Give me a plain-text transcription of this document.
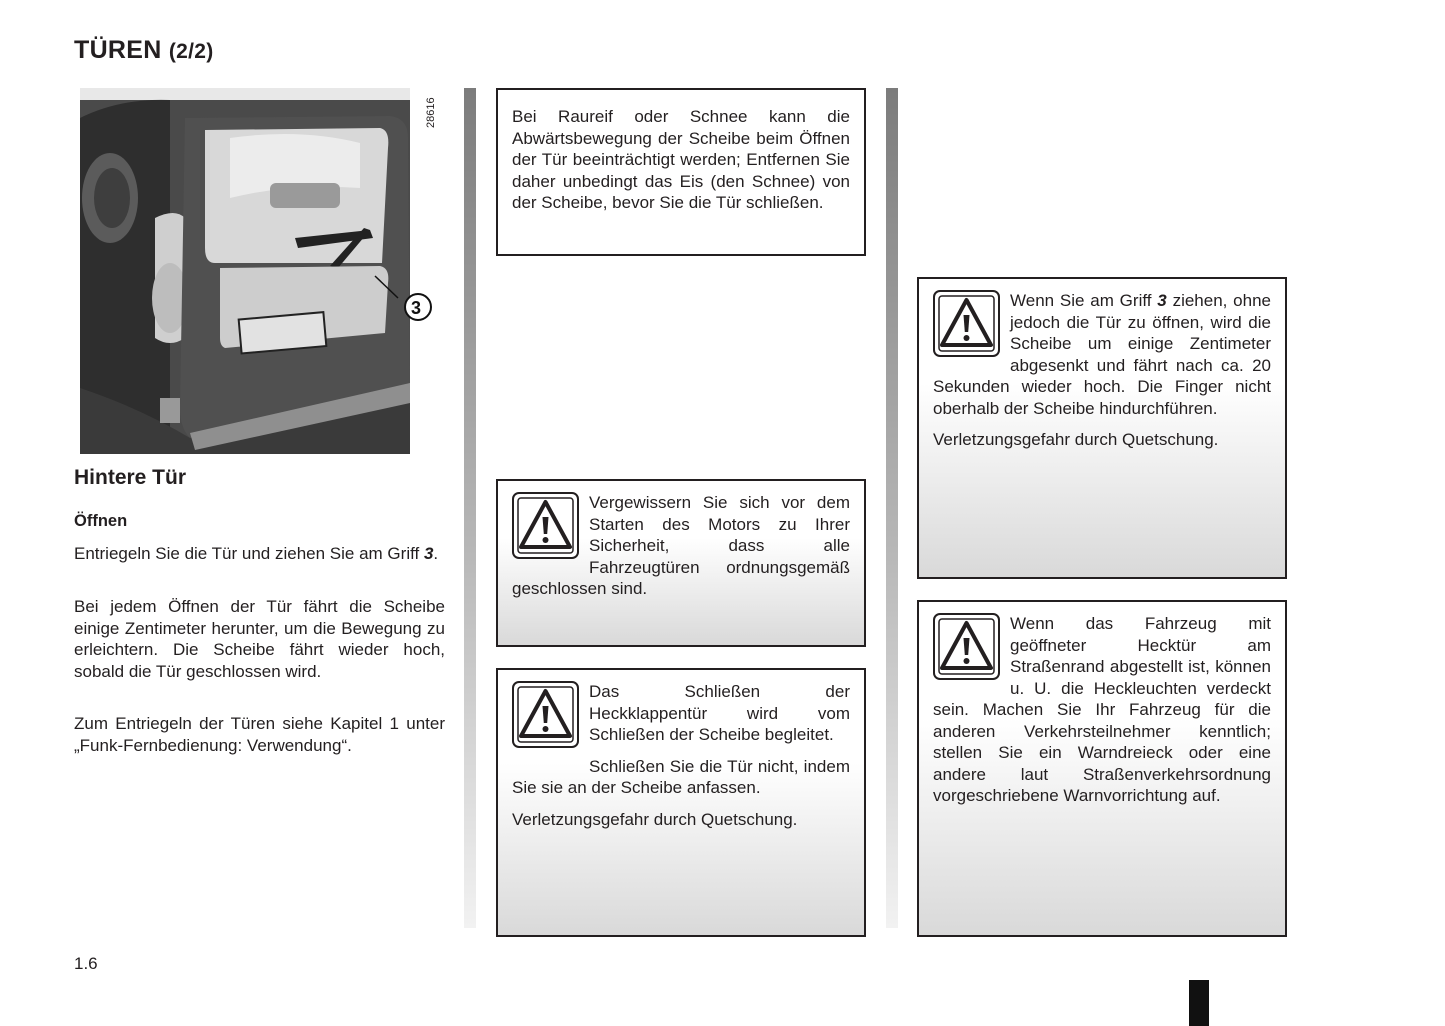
TÜREN (2/2)
3
28616
Hintere Tür
Öffnen

Entriegeln Sie die Tür und ziehen Sie am Griff 3.

Bei jedem Öffnen der Tür fährt die Scheibe einige Zentimeter herunter, um die Bewegung zu erleichtern. Die Scheibe fährt wieder hoch, sobald die Tür geschlossen wird.

Zum Entriegeln der Türen siehe Kapitel 1 unter „Funk-Fernbedienung: Verwendung“.

Bei Raureif oder Schnee kann die Abwärtsbewegung der Scheibe beim Öffnen der Tür beeinträchtigt werden; Entfernen Sie daher unbedingt das Eis (den Schnee) von der Scheibe, bevor Sie die Tür schließen.

Vergewissern Sie sich vor dem Starten des Motors zu Ihrer Sicherheit, dass alle Fahrzeugtüren ordnungsgemäß geschlossen sind.

Das Schließen der Heckklappentür wird vom Schließen der Scheibe begleitet.

Schließen Sie die Tür nicht, indem Sie sie an der Scheibe anfassen.

Verletzungsgefahr durch Quetschung.

Wenn Sie am Griff 3 ziehen, ohne jedoch die Tür zu öffnen, wird die Scheibe um einige Zentimeter abgesenkt und fährt nach ca. 20 Sekunden wieder hoch. Die Finger nicht oberhalb der Scheibe hindurchführen.

Verletzungsgefahr durch Quetschung.

Wenn das Fahrzeug mit geöffneter Hecktür am Straßenrand abgestellt ist, können u. U. die Heckleuchten verdeckt sein. Machen Sie Ihr Fahrzeug für die anderen Verkehrsteilnehmer kenntlich; stellen Sie ein Warndreieck oder eine andere laut Straßenverkehrsordnung vorgeschriebene Warnvorrichtung auf.

1.6
